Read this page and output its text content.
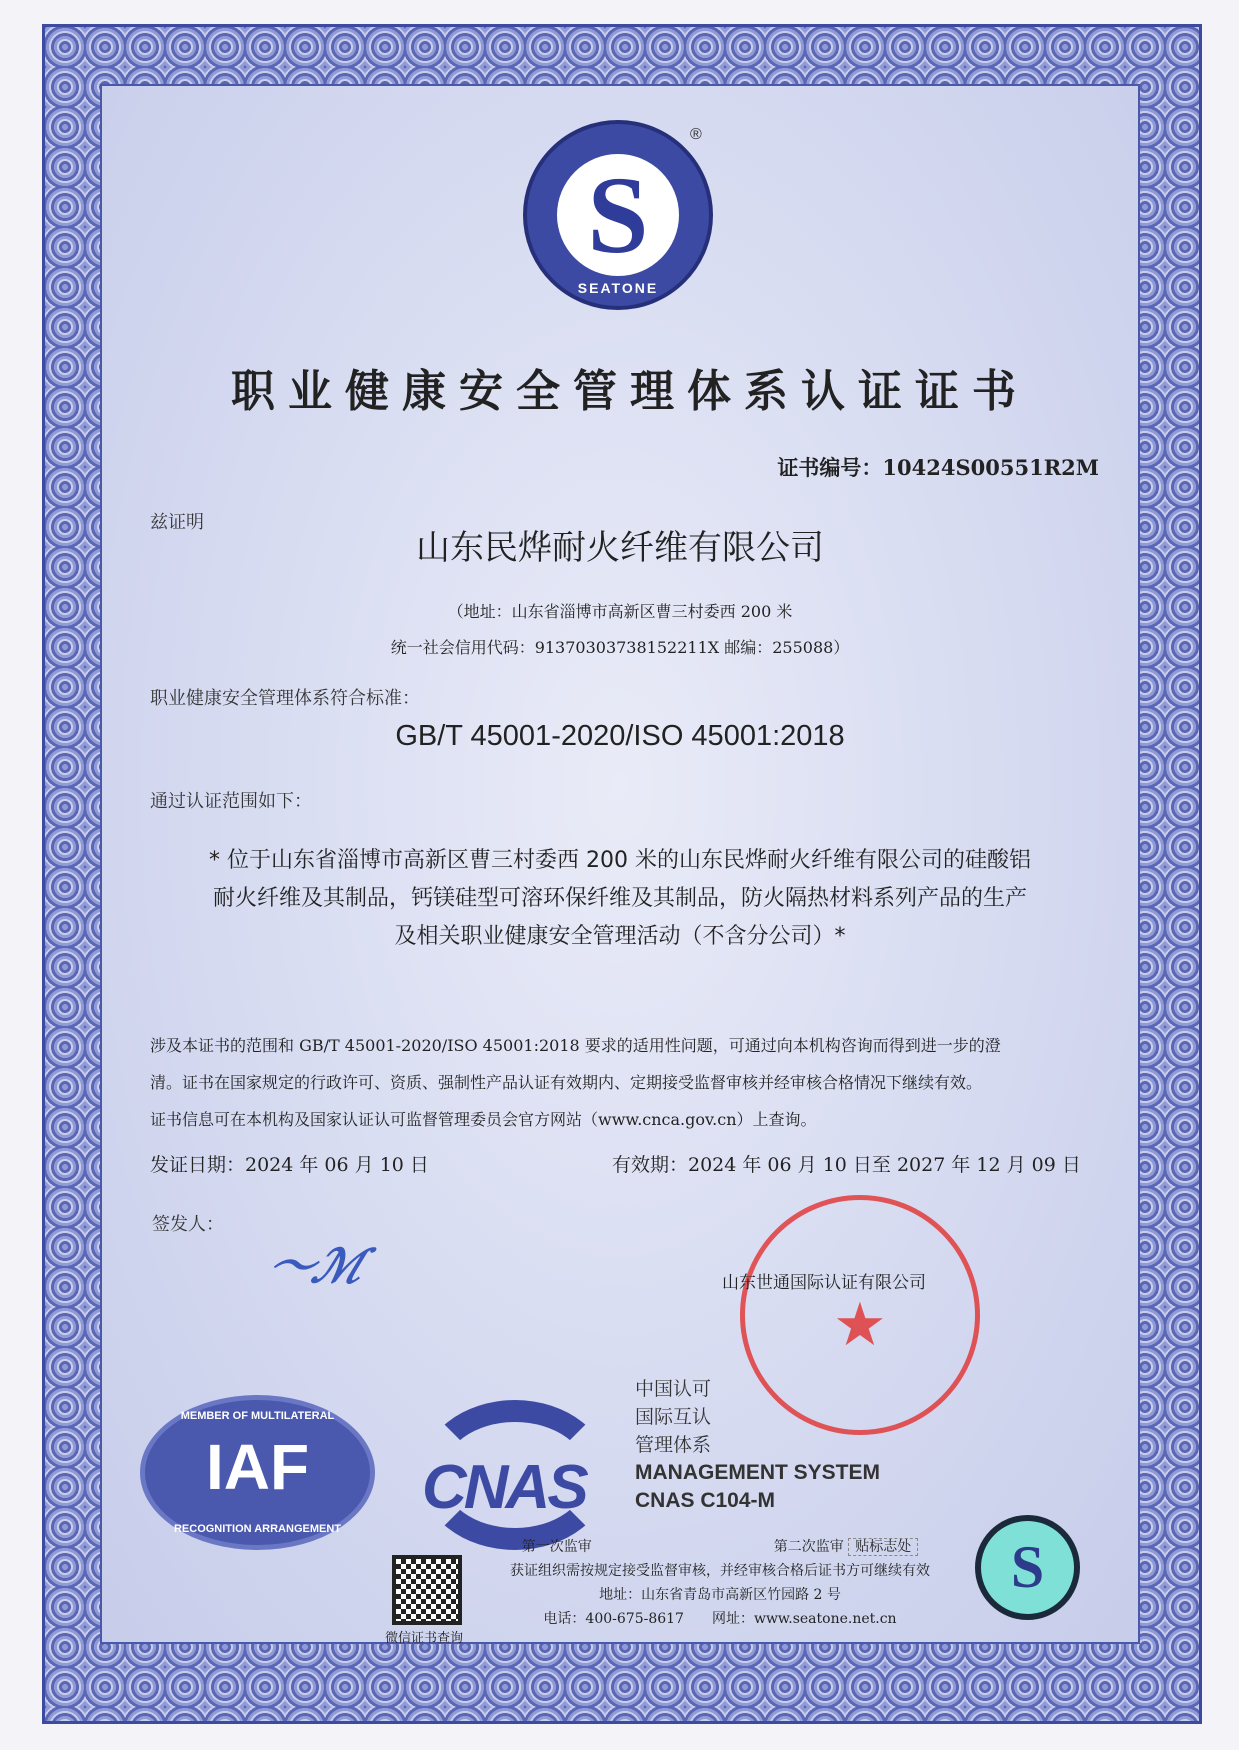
S
SEATONE
®
职业健康安全管理体系认证证书
证书编号：10424S00551R2M
兹证明
山东民烨耐火纤维有限公司
（地址：山东省淄博市高新区曹三村委西 200 米
统一社会信用代码：91370303738152211X 邮编：255088）
职业健康安全管理体系符合标准：
GB/T 45001-2020/ISO 45001:2018
通过认证范围如下：
* 位于山东省淄博市高新区曹三村委西 200 米的山东民烨耐火纤维有限公司的硅酸铝
耐火纤维及其制品，钙镁硅型可溶环保纤维及其制品，防火隔热材料系列产品的生产
及相关职业健康安全管理活动（不含分公司）*
涉及本证书的范围和 GB/T 45001-2020/ISO 45001:2018 要求的适用性问题，可通过向本机构咨询而得到进一步的澄
清。证书在国家规定的行政许可、资质、强制性产品认证有效期内、定期接受监督审核并经审核合格情况下继续有效。
证书信息可在本机构及国家认证认可监督管理委员会官方网站（www.cnca.gov.cn）上查询。
发证日期：2024 年 06 月 10 日	有效期：2024 年 06 月 10 日至 2027 年 12 月 09 日
签发人：
〜ℳ
★
山东世通国际认证有限公司
MEMBER OF MULTILATERAL
IAF
RECOGNITION ARRANGEMENT
CNAS
中国认可
国际互认
管理体系
MANAGEMENT SYSTEM
CNAS C104-M
微信证书查询
第一次监审　　　　　　　　　　　　　	第二次监审 贴标志处
获证组织需按规定接受监督审核，并经审核合格后证书方可继续有效
地址：山东省青岛市高新区竹园路 2 号
电话：400-675-8617　　 网址：www.seatone.net.cn
S
